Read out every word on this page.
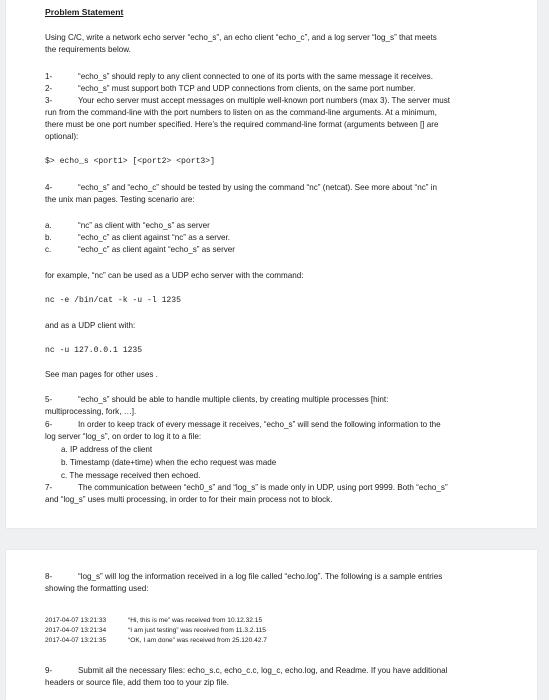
Problem Statement
Using C/C, write a network echo server “echo_s”, an echo client “echo_c”, and a log server “log_s” that meets
the requirements below.
1-	“echo_s” should reply to any client connected to one of its ports with the same message it receives.
2-	“echo_s” must support both TCP and UDP connections from clients, on the same port number.
3-	Your echo server must accept messages on multiple well-known port numbers (max 3). The server must
run from the command-line with the port numbers to listen on as the command-line arguments. At a minimum,
there must be one port number specified. Here’s the required command-line format (arguments between [] are
optional):
$> echo_s <port1> [<port2> <port3>]
4-	“echo_s” and “echo_c” should be tested by using the command “nc” (netcat). See more about “nc” in
the unix man pages. Testing scenario are:
a.	“nc” as client with “echo_s” as server
b.	“echo_c” as client against “nc” as a server.
c.	“echo_c” as client againt “echo_s” as server
for example, “nc” can be used as a UDP echo server with the command:
nc -e /bin/cat -k -u -l 1235
and as a UDP client with:
nc -u 127.0.0.1 1235
See man pages for other uses .
5-	“echo_s” should be able to handle multiple clients, by creating multiple processes [hint:
multiprocessing, fork, …].
6-	In order to keep track of every message it receives, “echo_s” will send the following information to the
log server “log_s”, on order to log it to a file:
a. IP address of the client
b. Timestamp (date+time) when the echo request was made
c. The message received then echoed.
7-	The communication between “ech0_s” and “log_s” is made only in UDP, using port 9999. Both “echo_s”
and “log_s” uses multi processing, in order to for their main process not to block.
8-	“log_s” will log the information received in a log file called “echo.log”. The following is a sample entries
showing the formatting used:
2017-04-07 13:21:33	“Hi, this is me” was received from 10.12.32.15
2017-04-07 13:21:34	“I am just testing” was received from 11.3.2.115
2017-04-07 13:21:35	“OK, I am done” was received from 25.120.42.7
9-	Submit all the necessary files: echo_s.c, echo_c.c, log_c, echo.log, and Readme. If you have additional
headers or source file, add them too to your zip file.
